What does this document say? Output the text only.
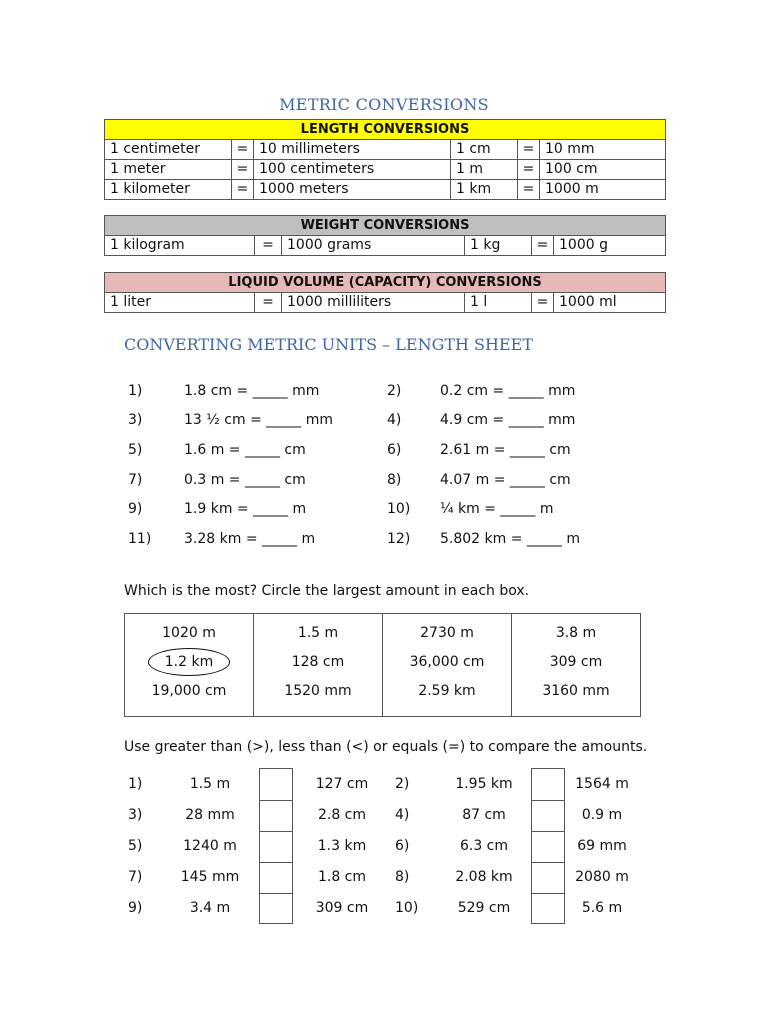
METRIC CONVERSIONS
LENGTH CONVERSIONS					
1 centimeter	=	10 millimeters	1 cm	=	10 mm
1 meter	=	100 centimeters	1 m	=	100 cm
1 kilometer	=	1000 meters	1 km	=	1000 m
WEIGHT CONVERSIONS
1 kilogram	=	1000 grams	1 kg	=	1000 g
LIQUID VOLUME (CAPACITY) CONVERSIONS
1 liter	=	1000 milliliters	1 l	=	1000 ml
CONVERTING METRIC UNITS – LENGTH SHEET
1)	1.8 cm = _____ mm	2)	0.2 cm = _____ mm
3)	13 ½ cm = _____ mm	4)	4.9 cm = _____ mm
5)	1.6 m = _____ cm	6)	2.61 m = _____ cm
7)	0.3 m = _____ cm	8)	4.07 m = _____ cm
9)	1.9 km = _____ m	10) ¼ km = _____ m
11) 3.28 km = _____ m	12) 5.802 km = _____ m
Which is the most? Circle the largest amount in each box.
1020 m
1.2 km
19,000 cm

1.5 m
128 cm
1520 mm

2730 m
36,000 cm
2.59 km

3.8 m
309 cm
3160 mm
Use greater than (>), less than (<) or equals (=) to compare the amounts.
1)	1.5 m	127 cm	2)	1.95 km	1564 m
3)	28 mm	2.8 cm	4)	87 cm	0.9 m
5)	1240 m	1.3 km	6)	6.3 cm	69 mm
7)	145 mm	1.8 cm	8)	2.08 km	2080 m
9)	3.4 m	309 cm	10)	529 cm	5.6 m
